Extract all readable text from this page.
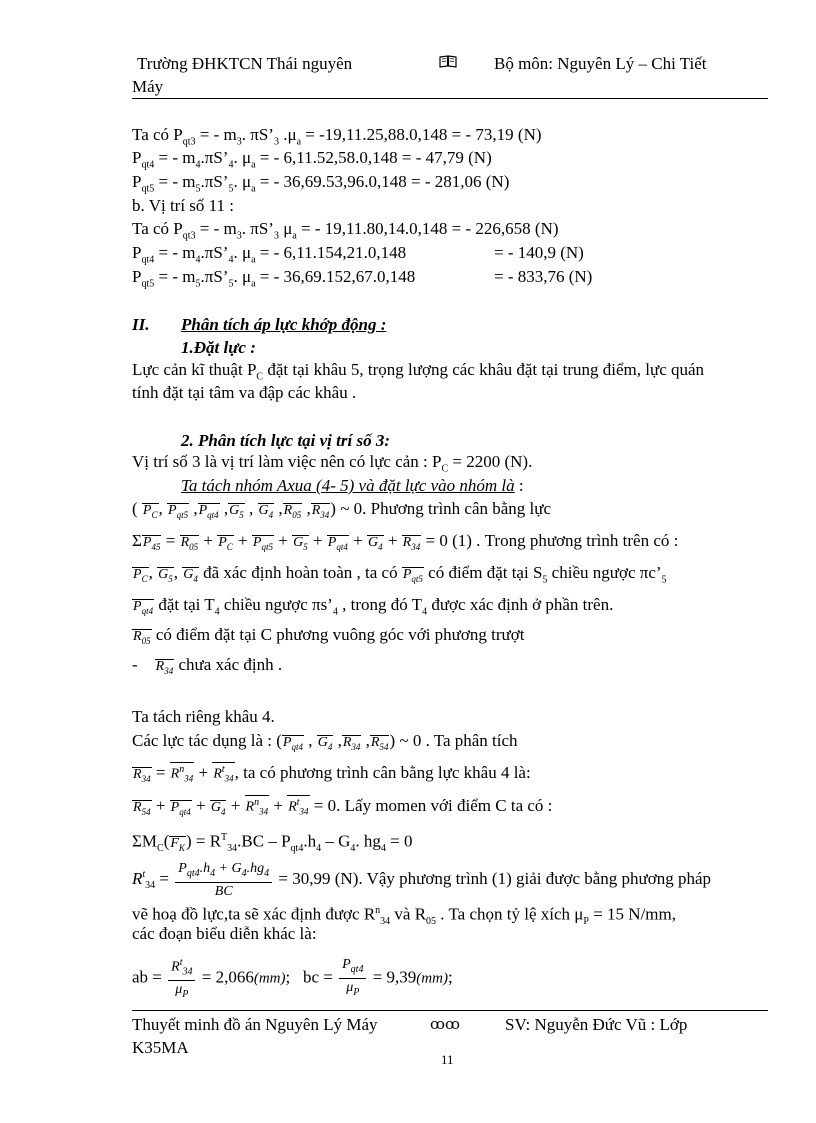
Trường ĐHKTCN Thái nguyên	Bộ môn: Nguyên Lý – Chi Tiết
Máy
Ta có $P_{qt3}$ = - $m_3$. $\pi S’_3$ $.\mu_a = -19,11.25,88.0,148$ = - 73,19 (N)
$P_{qt4}$ = - $m_4.\pi S’_4$. $\mu_a$ = - 6,11.52,58.0,148 = - 47,79 (N)
$P_{qt5}$ = - $m_5.\pi S’_5$. $\mu_a$ = - 36,69.53,96.0,148 = - 281,06 (N)
b. Vị trí số 11 :
Ta có $P_{qt3}$ = - $m_3$. $\pi S’_3$ $\mu_a$ = - 19,11.80,14.0,148 = - 226,658 (N)
$P_{qt4}$ = - $m_4.\pi S’_4$. $\mu_a$ = - 6,11.154,21.0,148	= - 140,9 (N)
$P_{qt5}$ = - $m_5.\pi S’_5$. $\mu_a$ = - 36,69.152,67.0,148	= - 833,76 (N)
II. Phân tích áp lực khớp động :
1.Đặt lực :
Lực cản kĩ thuật $P_C$ đặt tại khâu 5, trọng lượng các khâu đặt tại trung điểm, lực quán
tính đặt tại tâm va đập các khâu .
2. Phân tích lực tại vị trí số 3:
Vị trí số 3 là vị trí làm việc nên có lực cản : $P_C = 2200$ (N).
Ta tách nhóm Axua (4- 5) và đặt lực vào nhóm là :
( $P_C$, $P_{qt5}$ $,P_{qt4}$ $,G_5$ , $G_4$ $,R_{05}$ $,R_{34}$) ~ 0. Phương trình cân bằng lực
$\Sigma P_{45} = R_{05} + P_C + P_{qt5} + G_5 + P_{qt4} + G_4 + R_{34} = 0$ (1) . Trong phương trình trên có :
$P_C$, $G_5$, $G_4$ đã xác định hoàn toàn , ta có $P_{qt5}$ có điểm đặt tại $S_5$ chiều ngược $\pi c’_5$
$P_{qt4}$ đặt tại $T_4$ chiều ngược $\pi s’_4$ , trong đó $T_4$ được xác định ở phần trên.
$R_{05}$ có điểm đặt tại C phương vuông góc với phương trượt
- $R_{34}$ chưa xác định .
Ta tách riêng khâu 4.
Các lực tác dụng là : ($P_{qt4}$ , $G_4$ $,R_{34}$ $,R_{54}$) ~ 0 . Ta phân tích
$R_{34} = R^n_{34} + R^t_{34}$, ta có phương trình cân bằng lực khâu 4 là:
$R_{54} + P_{qt4} + G_4 + R^n_{34} + R^t_{34} = 0$. Lấy momen với điểm C ta có :
$\Sigma M_C(F_K) = R^T_{34}.BC - P_{qt4}.h_4 - G_4$. $hg_4 = 0$
$R^t_{34} = \frac{P_{qt4}.h_4 + G_4.hg_4}{BC} = 30,99$ (N). Vậy phương trình (1) giải được bằng phương pháp
vẽ hoạ đồ lực,ta sẽ xác định được $R^n_{34}$ và $R_{05}$ . Ta chọn tỷ lệ xích $\mu_P = 15$ N/mm,
các đoạn biểu diễn khác là:
ab = $\frac{R^t_{34}}{\mu_P} = 2,066(mm)$; bc = $\frac{P_{qt4}}{\mu_P} = 9,39(mm)$;
Thuyết minh đồ án Nguyên Lý Máy	ꝏꝏ	SV: Nguyễn Đức Vũ : Lớp
K35MA
11
